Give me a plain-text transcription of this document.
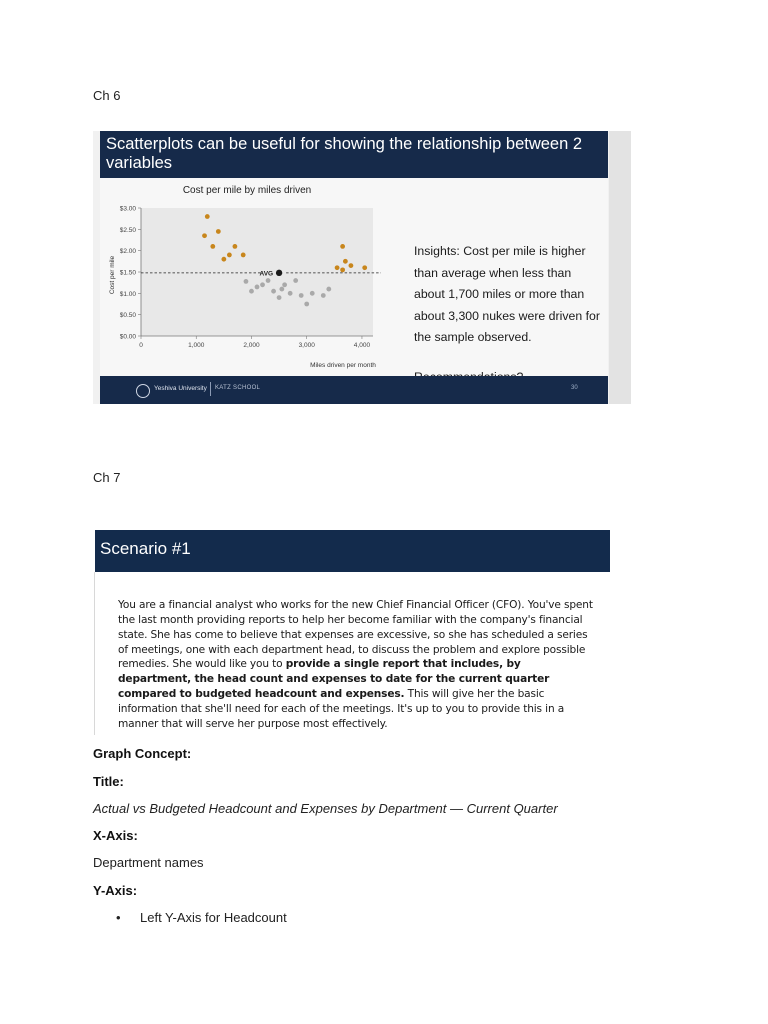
Ch 6
Scatterplots can be useful for showing the relationship between 2 variables
Cost per mile by miles driven
Cost per mile
Miles driven per month
$0.00
$0.50
$1.00
$1.50
$2.00
$2.50
$3.00
0	1,000	2,000	3,000	4,000
AVG
Insights: Cost per mile is higher than average when less than about 1,700 miles or more than about 3,300 nukes were driven for the sample observed.
Yeshiva University KATZ SCHOOL	30
Ch 7
Scenario #1
You are a financial analyst who works for the new Chief Financial Officer (CFO). You've spent the last month providing reports to help her become familiar with the company's financial state. She has come to believe that expenses are excessive, so she has scheduled a series of meetings, one with each department head, to discuss the problem and explore possible remedies. She would like you to provide a single report that includes, by department, the head count and expenses to date for the current quarter compared to budgeted headcount and expenses. This will give her the basic information that she'll need for each of the meetings. It's up to you to provide this in a manner that will serve her purpose most effectively.
Graph Concept:
Title:
Actual vs Budgeted Headcount and Expenses by Department — Current Quarter
X-Axis:
Department names
Y-Axis:
• Left Y-Axis for Headcount
